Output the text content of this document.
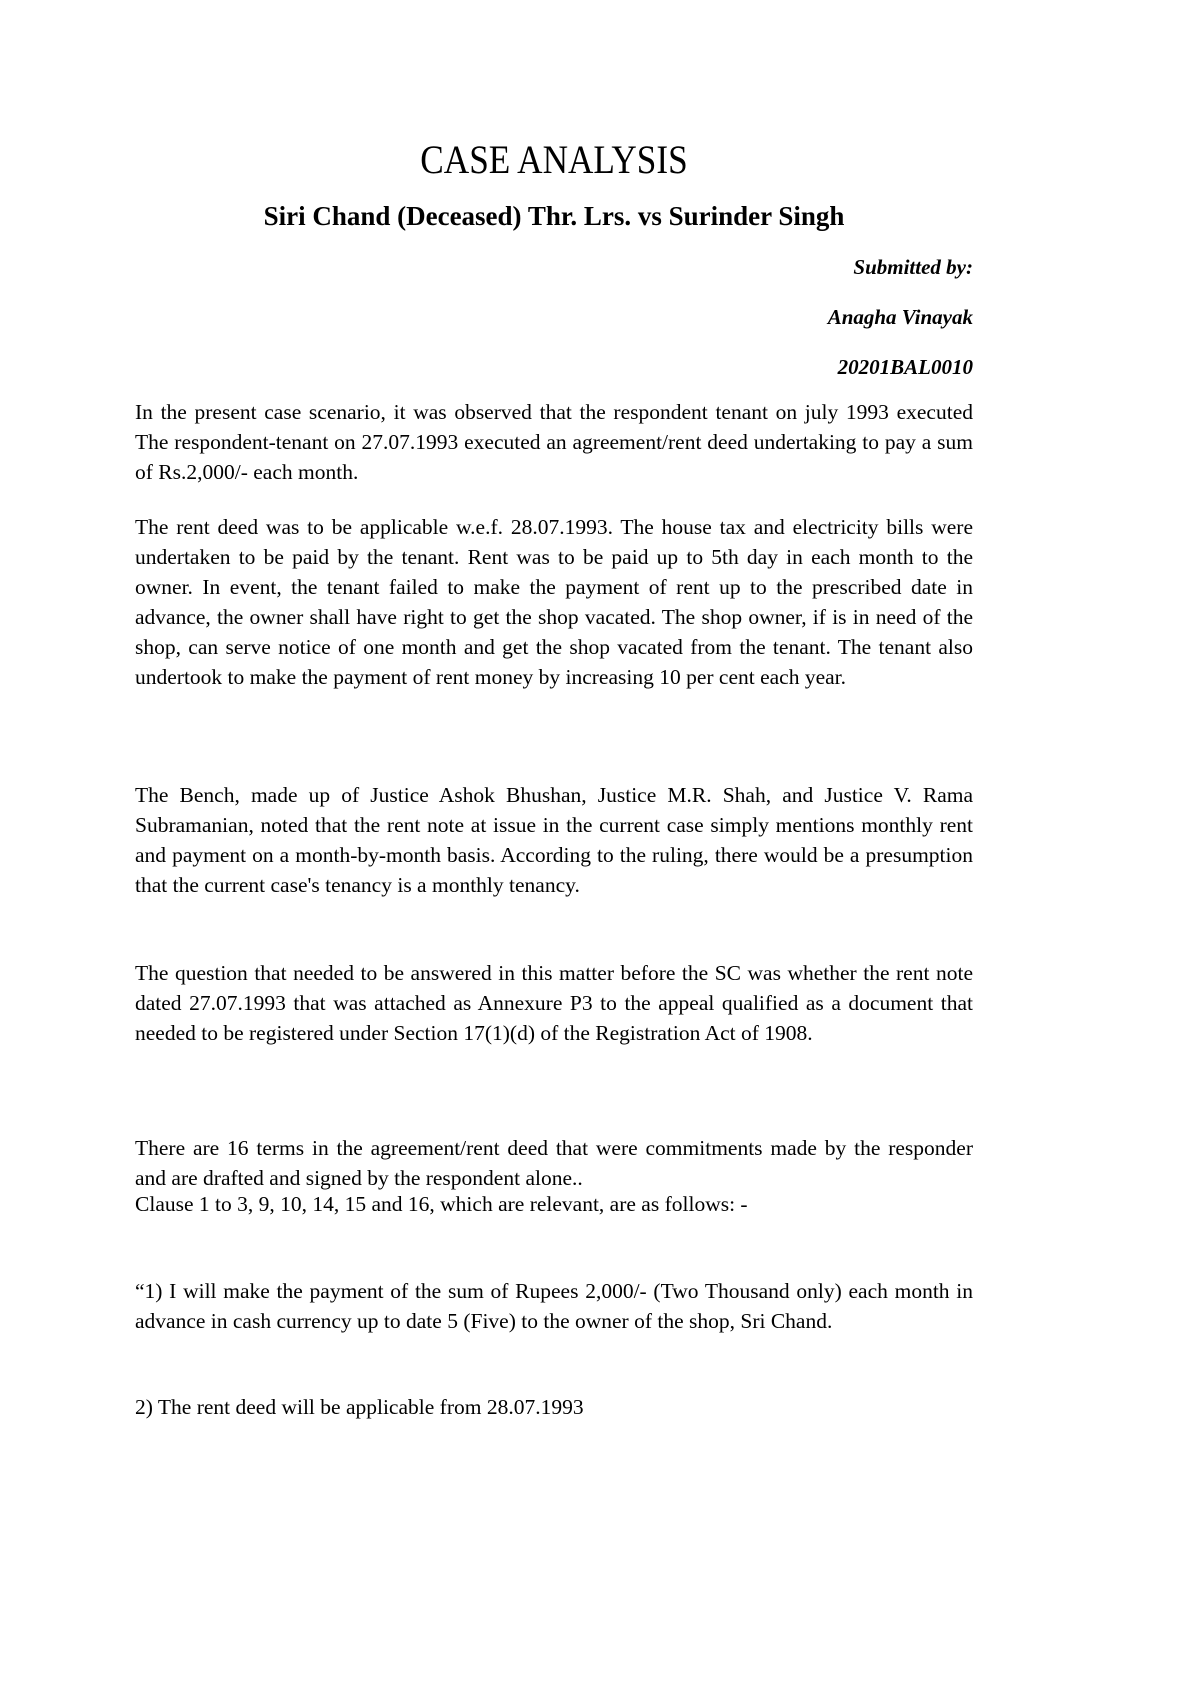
CASE ANALYSIS
Siri Chand (Deceased) Thr. Lrs. vs Surinder Singh
Submitted by:
Anagha Vinayak
20201BAL0010

In the present case scenario, it was observed that the respondent tenant on july 1993 executed The respondent-tenant on 27.07.1993 executed an agreement/rent deed undertaking to pay a sum of Rs.2,000/- each month.

The rent deed was to be applicable w.e.f. 28.07.1993. The house tax and electricity bills were undertaken to be paid by the tenant. Rent was to be paid up to 5th day in each month to the owner. In event, the tenant failed to make the payment of rent up to the prescribed date in advance, the owner shall have right to get the shop vacated. The shop owner, if is in need of the shop, can serve notice of one month and get the shop vacated from the tenant. The tenant also undertook to make the payment of rent money by increasing 10 per cent each year.

The Bench, made up of Justice Ashok Bhushan, Justice M.R. Shah, and Justice V. Rama Subramanian, noted that the rent note at issue in the current case simply mentions monthly rent and payment on a month-by-month basis. According to the ruling, there would be a presumption that the current case's tenancy is a monthly tenancy.

The question that needed to be answered in this matter before the SC was whether the rent note dated 27.07.1993 that was attached as Annexure P3 to the appeal qualified as a document that needed to be registered under Section 17(1)(d) of the Registration Act of 1908.

There are 16 terms in the agreement/rent deed that were commitments made by the responder and are drafted and signed by the respondent alone..

Clause 1 to 3, 9, 10, 14, 15 and 16, which are relevant, are as follows: -

“1) I will make the payment of the sum of Rupees 2,000/- (Two Thousand only) each month in advance in cash currency up to date 5 (Five) to the owner of the shop, Sri Chand.

2) The rent deed will be applicable from 28.07.1993
